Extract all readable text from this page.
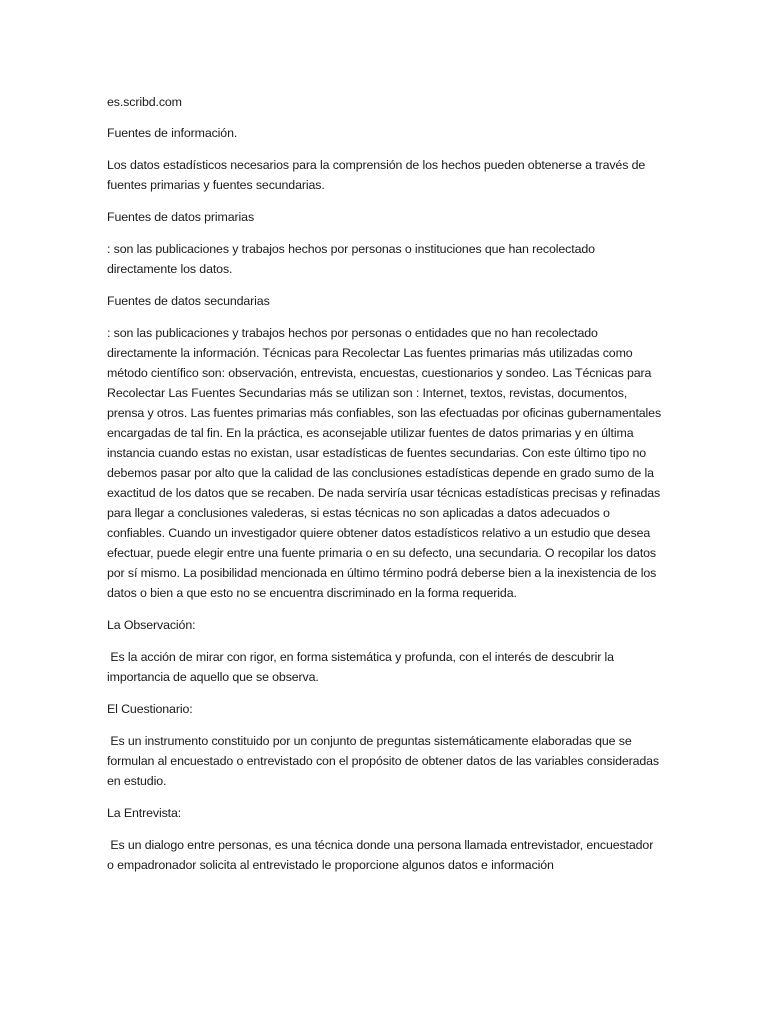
es.scribd.com

Fuentes de información.

Los datos estadísticos necesarios para la comprensión de los hechos pueden obtenerse a través de fuentes primarias y fuentes secundarias.

Fuentes de datos primarias

: son las publicaciones y trabajos hechos por personas o instituciones que han recolectado directamente los datos.

Fuentes de datos secundarias

: son las publicaciones y trabajos hechos por personas o entidades que no han recolectado directamente la información. Técnicas para Recolectar Las fuentes primarias más utilizadas como método científico son: observación, entrevista, encuestas, cuestionarios y sondeo. Las Técnicas para Recolectar Las Fuentes Secundarias más se utilizan son : Internet, textos, revistas, documentos, prensa y otros. Las fuentes primarias más confiables, son las efectuadas por oficinas gubernamentales encargadas de tal fin. En la práctica, es aconsejable utilizar fuentes de datos primarias y en última instancia cuando estas no existan, usar estadísticas de fuentes secundarias. Con este último tipo no debemos pasar por alto que la calidad de las conclusiones estadísticas depende en grado sumo de la exactitud de los datos que se recaben. De nada serviría usar técnicas estadísticas precisas y refinadas para llegar a conclusiones valederas, si estas técnicas no son aplicadas a datos adecuados o confiables. Cuando un investigador quiere obtener datos estadísticos relativo a un estudio que desea efectuar, puede elegir entre una fuente primaria o en su defecto, una secundaria. O recopilar los datos por sí mismo. La posibilidad mencionada en último término podrá deberse bien a la inexistencia de los datos o bien a que esto no se encuentra discriminado en la forma requerida.

La Observación:

Es la acción de mirar con rigor, en forma sistemática y profunda, con el interés de descubrir la importancia de aquello que se observa.

El Cuestionario:

Es un instrumento constituido por un conjunto de preguntas sistemáticamente elaboradas que se formulan al encuestado o entrevistado con el propósito de obtener datos de las variables consideradas en estudio.

La Entrevista:

Es un dialogo entre personas, es una técnica donde una persona llamada entrevistador, encuestador o empadronador solicita al entrevistado le proporcione algunos datos e información
